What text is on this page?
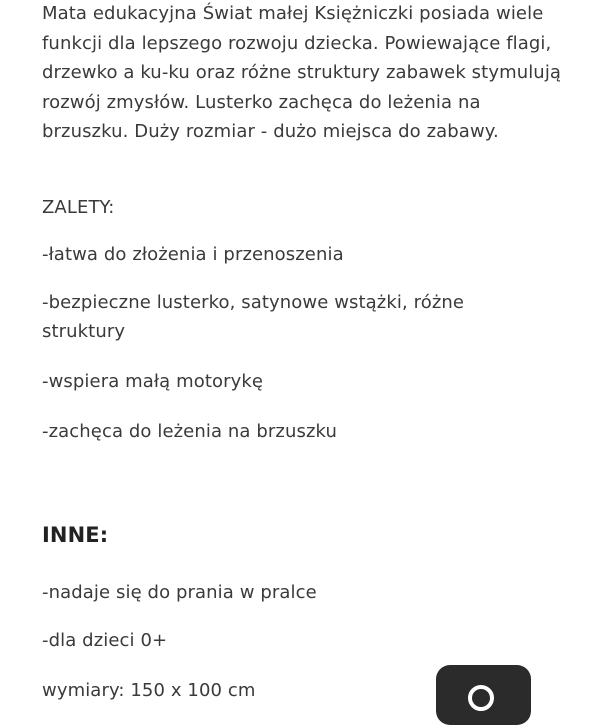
Mata edukacyjna Świat małej Księżniczki posiada wiele funkcji dla lepszego rozwoju dziecka. Powiewające flagi, drzewko a ku-ku oraz różne struktury zabawek stymulują rozwój zmysłów. Lusterko zachęca do leżenia na brzuszku. Duży rozmiar - dużo miejsca do zabawy.

ZALETY:

-łatwa do złożenia i przenoszenia

-bezpieczne lusterko, satynowe wstążki, różne

struktury

-wspiera małą motorykę

-zachęca do leżenia na brzuszku

INNE:

-nadaje się do prania w pralce

-dla dzieci 0+

wymiary: 150 x 100 cm
